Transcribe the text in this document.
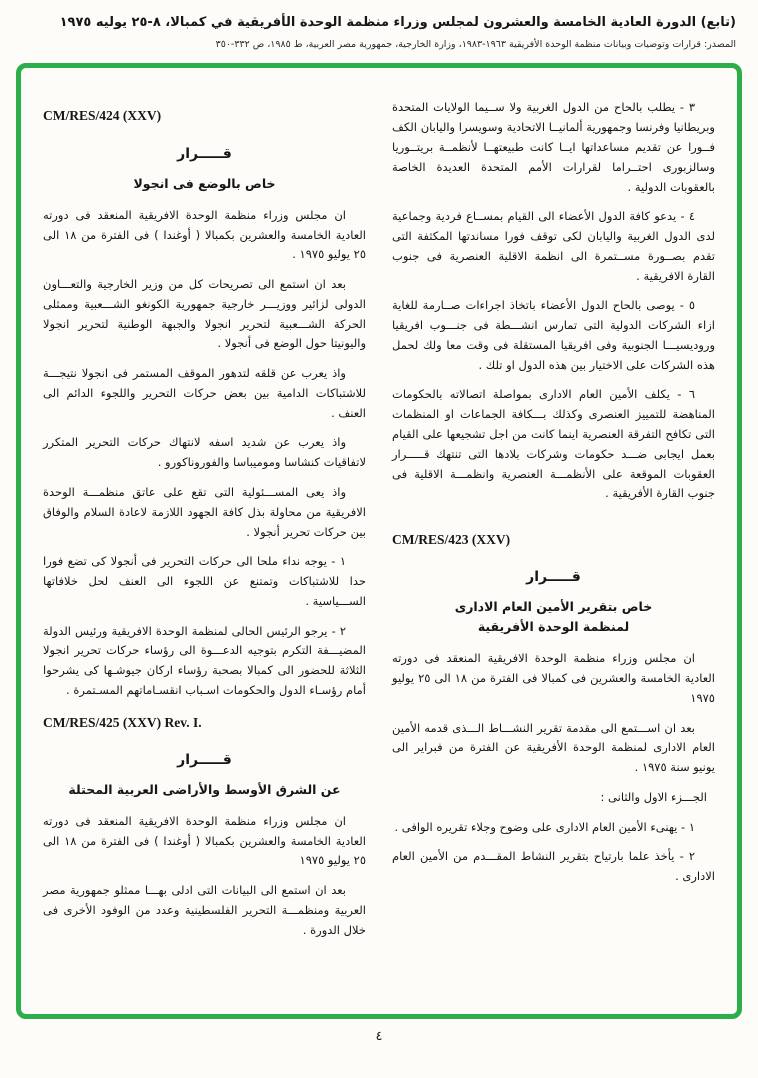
(تابع) الدورة العادية الخامسة والعشرون لمجلس وزراء منظمة الوحدة الأفريقية في كمبالا، ٨-٢٥ يوليه ١٩٧٥
المصدر: قرارات وتوصيات وبيانات منظمة الوحدة الأفريقية ١٩٦٣-١٩٨٣، وزارة الخارجية، جمهورية مصر العربية، ط ١٩٨٥، ص ٣٣٢-٣٥٠

٣ - يطلب بالحاح من الدول الغربية ولا ســيما الولايات المتحدة وبريطانيا وفرنسا وجمهورية ألمانيــا الاتحادية وسويسرا واليابان الكف فــورا عن تقديم مساعداتها ايــا كانت طبيعتهــا لأنظمــة بريتــوريا وسالزبورى احتــراما لقرارات الأمم المتحدة العديدة الخاصة بالعقوبات الدولية .

٤ - يدعو كافة الدول الأعضاء الى القيام بمســاع فردية وجماعية لدى الدول الغربية واليابان لكى توقف فورا مساندتها المكثفة التى تقدم بصــورة مســتمرة الى انظمة الاقلية العنصرية فى جنوب القارة الافريقية .

٥ - يوصى بالحاح الدول الأعضاء باتخاذ اجراءات صــارمة للغاية ازاء الشركات الدولية التى تمارس انشـــطة فى جنـــوب افريقيا وروديسيـــا الجنوبية وفى افريقيا المستقلة فى وقت معا ولك لحمل هذه الشركات على الاختيار بين هذه الدول او تلك .

٦ - يكلف الأمين العام الادارى بمواصلة اتصالاته بالحكومات المناهضة للتمييز العنصرى وكذلك بـــكافة الجماعات او المنظمات التى تكافح التفرقة العنصرية اينما كانت من اجل تشجيعها على القيام بعمل ايجابى ضـــد حكومات وشركات بلادها التى تنتهك قـــــرار العقوبات الموقعة على الأنظمـــة العنصرية وانظمـــة الاقلية فى جنوب القارة الأفريقية .

CM/RES/423 (XXV)
قـــــرار
خاص بتقرير الأمين العام الادارى
لمنظمة الوحدة الأفريقية

ان مجلس وزراء منظمة الوحدة الافريقية المنعقد فى دورته العادية الخامسة والعشرين فى كمبالا فى الفترة من ١٨ الى ٢٥ يوليو ١٩٧٥

بعد ان اســـتمع الى مقدمة تقرير النشـــاط الـــذى قدمه الأمين العام الادارى لمنظمة الوحدة الأفريقية عن الفترة من فبراير الى يونيو سنة ١٩٧٥ .

الجـــزء الاول والثانى :

١ - يهنىء الأمين العام الادارى على وضوح وجلاء تقريره الوافى .

٢ - يأخذ علما بارتياح بتقرير النشاط المقـــدم من الأمين العام الادارى .

CM/RES/424 (XXV)
قـــــرار
خاص بالوضع فى انجولا

ان مجلس وزراء منظمة الوحدة الافريقية المنعقد فى دورته العادية الخامسة والعشرين بكمبالا ( أوغندا ) فى الفترة من ١٨ الى ٢٥ يوليو ١٩٧٥ .

بعد ان استمع الى تصريحات كل من وزير الخارجية والتعـــاون الدولى لزائير ووزيـــر خارجية جمهورية الكونغو الشـــعبية وممثلى الحركة الشـــعبية لتحرير انجولا والجبهة الوطنية لتحرير انجولا واليونيتا حول الوضع فى أنجولا .

واذ يعرب عن قلقه لتدهور الموقف المستمر فى انجولا نتيجـــة للاشتباكات الدامية بين بعض حركات التحرير واللجوء الدائم الى العنف .

واذ يعرب عن شديد اسفه لانتهاك حركات التحرير المتكرر لاتفاقيات كنشاسا وموميباسا والفوروناكورو .

واذ يعى المســـئولية التى تقع على عاتق منظمـــة الوحدة الافريقية من محاولة بذل كافة الجهود اللازمة لاعادة السلام والوفاق بين حركات تحرير أنجولا .

١ - يوجه نداء ملحا الى حركات التحرير فى أنجولا كى تضع فورا حدا للاشتباكات وتمتنع عن اللجوء الى العنف لحل خلافاتها الســـياسية .

٢ - يرجو الرئيس الحالى لمنظمة الوحدة الافريقية ورئيس الدولة المضيـــفة التكرم بتوجيه الدعـــوة الى رؤساء حركات تحرير انجولا الثلاثة للحضور الى كمبالا بصحبة رؤساء اركان جيوشـها كى يشرحوا أمام رؤسـاء الدول والحكومات اسـباب انقسـاماتهم المسـتمرة .

CM/RES/425 (XXV) Rev. I.
قـــــرار
عن الشرق الأوسط والأراضى العربية المحتلة

ان مجلس وزراء منظمة الوحدة الافريقية المنعقد فى دورته العادية الخامسة والعشرين بكمبالا ( أوغندا ) فى الفترة من ١٨ الى ٢٥ يوليو ١٩٧٥

بعد ان استمع الى البيانات التى ادلى بهـــا ممثلو جمهورية مصر العربية ومنظمـــة التحرير الفلسطينية وعدد من الوفود الأخرى فى خلال الدورة .

٤
